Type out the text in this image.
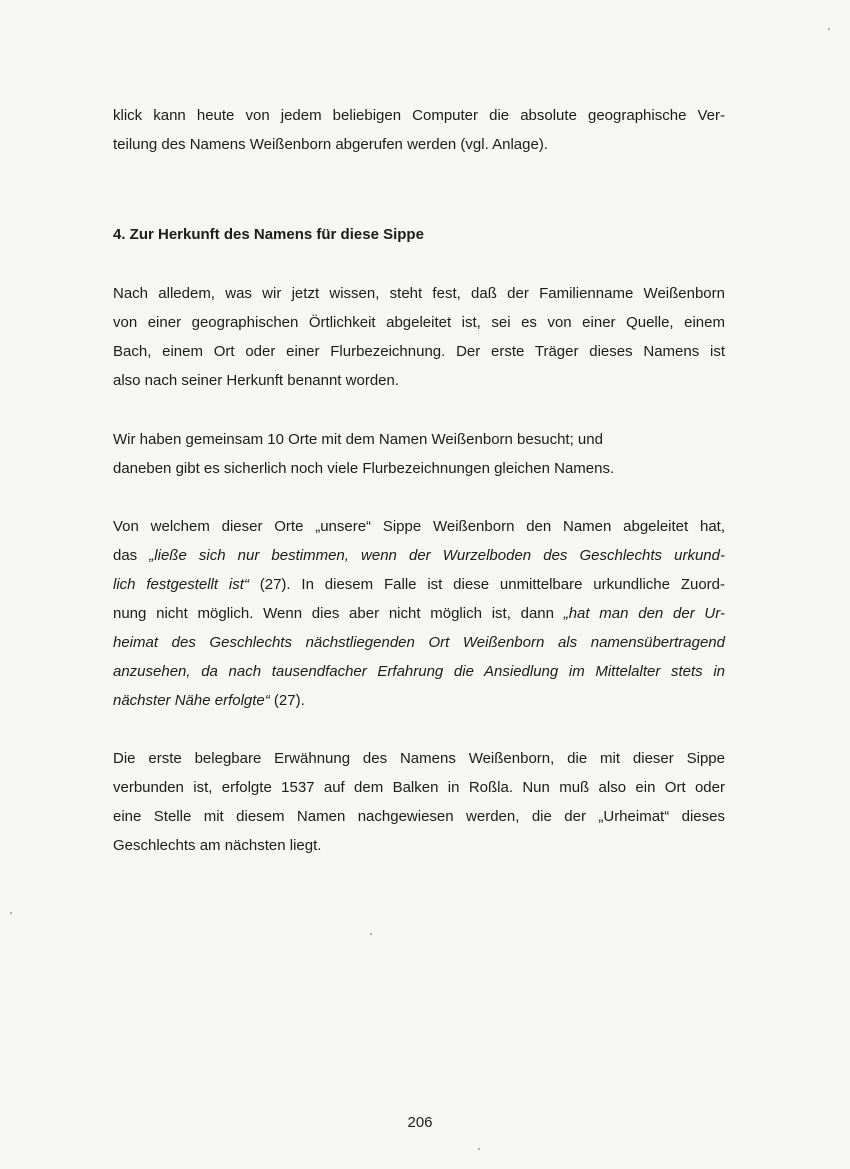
klick kann heute von jedem beliebigen Computer die absolute geographische Ver-
teilung des Namens Weißenborn abgerufen werden (vgl. Anlage).
4. Zur Herkunft des Namens für diese Sippe
Nach alledem, was wir jetzt wissen, steht fest, daß der Familienname Weißenborn
von einer geographischen Örtlichkeit abgeleitet ist, sei es von einer Quelle, einem
Bach, einem Ort oder einer Flurbezeichnung. Der erste Träger dieses Namens ist
also nach seiner Herkunft benannt worden.
Wir haben gemeinsam 10 Orte mit dem Namen Weißenborn besucht; und
daneben gibt es sicherlich noch viele Flurbezeichnungen gleichen Namens.
Von welchem dieser Orte „unsere“ Sippe Weißenborn den Namen abgeleitet hat,
das „ließe sich nur bestimmen, wenn der Wurzelboden des Geschlechts urkund-
lich festgestellt ist“ (27). In diesem Falle ist diese unmittelbare urkundliche Zuord-
nung nicht möglich. Wenn dies aber nicht möglich ist, dann „hat man den der Ur-
heimat des Geschlechts nächstliegenden Ort Weißenborn als namensübertragend
anzusehen, da nach tausendfacher Erfahrung die Ansiedlung im Mittelalter stets in
nächster Nähe erfolgte“ (27).
Die erste belegbare Erwähnung des Namens Weißenborn, die mit dieser Sippe
verbunden ist, erfolgte 1537 auf dem Balken in Roßla. Nun muß also ein Ort oder
eine Stelle mit diesem Namen nachgewiesen werden, die der „Urheimat“ dieses
Geschlechts am nächsten liegt.
206
